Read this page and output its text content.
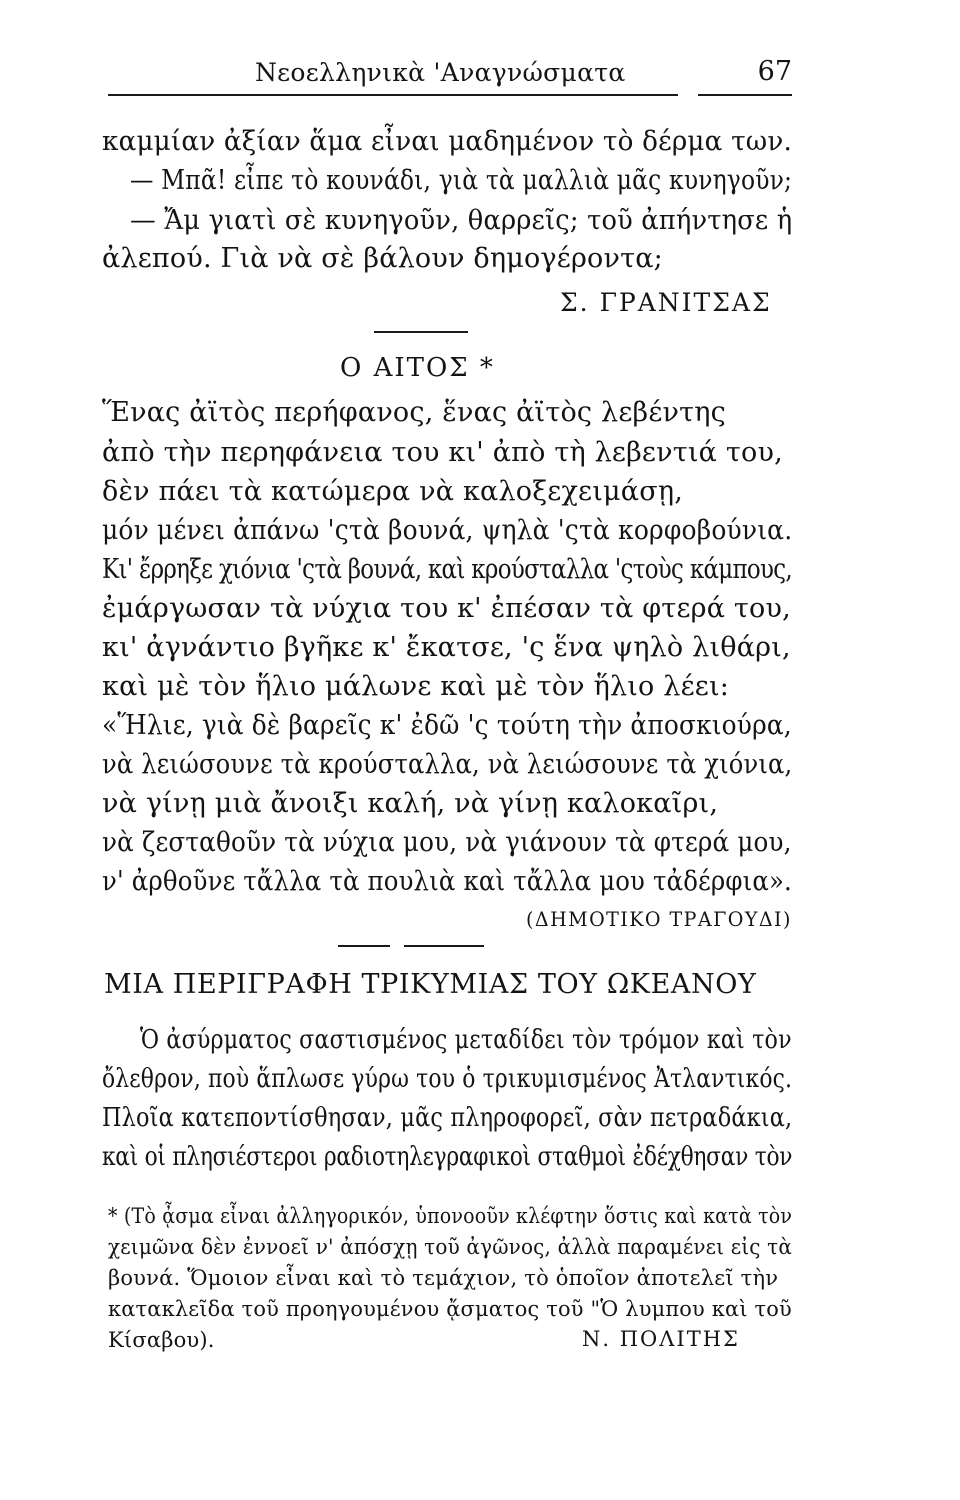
Νεοελληνικὰ 'Αναγνώσματα	67
καμμίαν ἀξίαν ἅμα εἶναι μαδημένον τὸ δέρμα των.
— Μπᾶ! εἶπε τὸ κουνάδι, γιὰ τὰ μαλλιὰ μᾶς κυνηγοῦν;
— Ἄμ γιατὶ σὲ κυνηγοῦν, θαρρεῖς; τοῦ ἀπήντησε ἡ
ἀλεπού. Γιὰ νὰ σὲ βάλουν δημογέροντα;
Σ. ΓΡΑΝΙΤΣΑΣ
Ο ΑΙΤΟΣ *
Ἕνας ἀϊτὸς περήφανος, ἕνας ἀϊτὸς λεβέντης
ἀπὸ τὴν περηφάνεια του κι' ἀπὸ τὴ λεβεντιά του,
δὲν πάει τὰ κατώμερα νὰ καλοξεχειμάσῃ,
μόν μένει ἀπάνω 'ςτὰ βουνά, ψηλὰ 'ςτὰ κορφοβούνια.
Κι' ἔρρηξε χιόνια 'ςτὰ βουνά, καὶ κρούσταλλα 'ςτοὺς κάμπους,
ἐμάργωσαν τὰ νύχια του κ' ἐπέσαν τὰ φτερά του,
κι' ἀγνάντιο βγῆκε κ' ἔκατσε, 'ς ἕνα ψηλὸ λιθάρι,
καὶ μὲ τὸν ἥλιο μάλωνε καὶ μὲ τὸν ἥλιο λέει:
«Ἥλιε, γιὰ δὲ βαρεῖς κ' ἐδῶ 'ς τούτη τὴν ἀποσκιούρα,
νὰ λειώσουνε τὰ κρούσταλλα, νὰ λειώσουνε τὰ χιόνια,
νὰ γίνῃ μιὰ ἄνοιξι καλή, νὰ γίνῃ καλοκαῖρι,
νὰ ζεσταθοῦν τὰ νύχια μου, νὰ γιάνουν τὰ φτερά μου,
ν' ἀρθοῦνε τἄλλα τὰ πουλιὰ καὶ τἄλλα μου τἀδέρφια».
(ΔΗΜΟΤΙΚΟ ΤΡΑΓΟΥΔΙ)
ΜΙΑ ΠΕΡΙΓΡΑΦΗ ΤΡΙΚΥΜΙΑΣ ΤΟΥ ΩΚΕΑΝΟΥ
Ὁ ἀσύρματος σαστισμένος μεταδίδει τὸν τρόμον καὶ τὸν
ὄλεθρον, ποὺ ἅπλωσε γύρω του ὁ τρικυμισμένος Ἀτλαντικός.
Πλοῖα κατεποντίσθησαν, μᾶς πληροφορεῖ, σὰν πετραδάκια,
καὶ οἱ πλησιέστεροι ραδιοτηλεγραφικοὶ σταθμοὶ ἐδέχθησαν τὸν
* (Τὸ ᾆσμα εἶναι ἀλληγορικόν, ὑπονοοῦν κλέφτην ὅστις καὶ κατὰ τὸν
χειμῶνα δὲν ἐννοεῖ ν' ἀπόσχῃ τοῦ ἀγῶνος, ἀλλὰ παραμένει εἰς τὰ
βουνά. Ὅμοιον εἶναι καὶ τὸ τεμάχιον, τὸ ὁποῖον ἀποτελεῖ τὴν
κατακλεῖδα τοῦ προηγουμένου ᾄσματος τοῦ "Ὁ λυμπου καὶ τοῦ
Κίσαβου).	Ν. ΠΟΛΙΤΗΣ
